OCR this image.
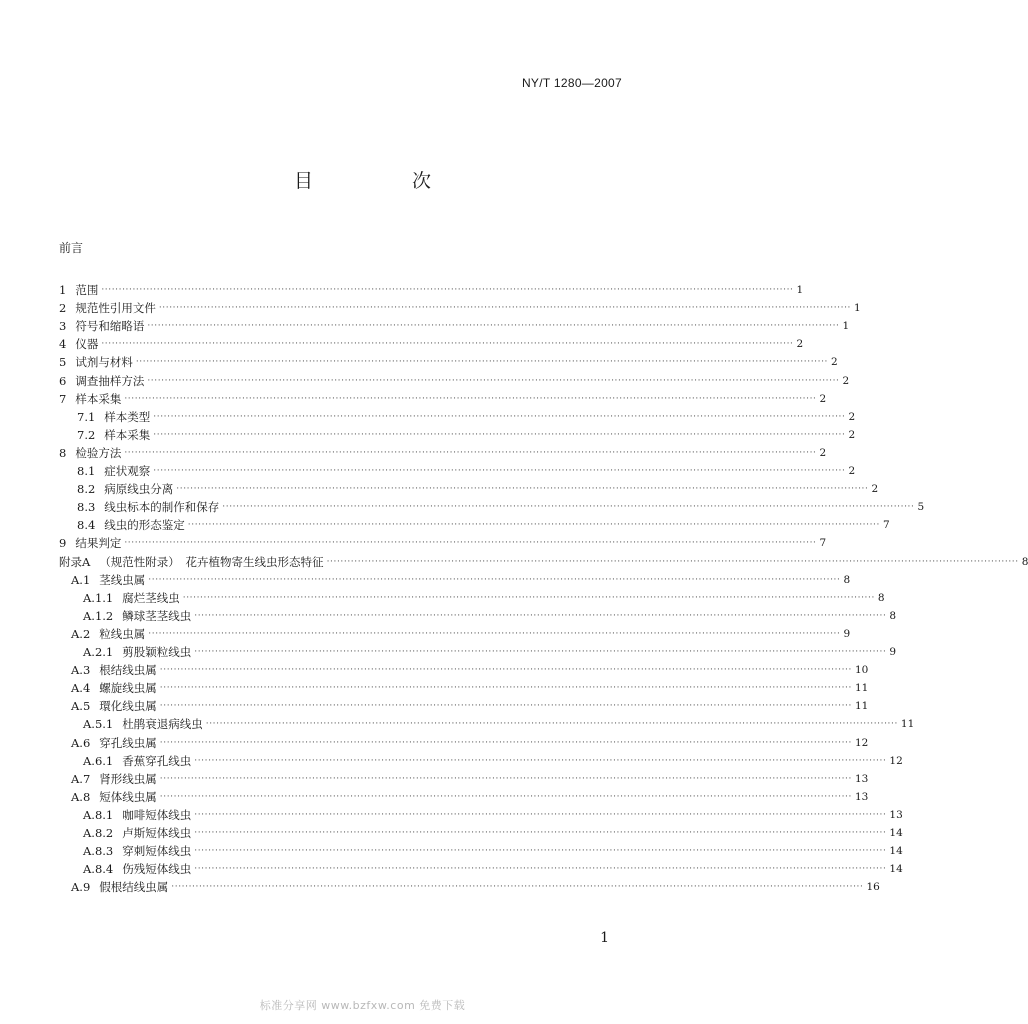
NY/T 1280—2007
目　次
前言
1 范围 ········································································································································································································ 1
2 规范性引用文件 ········································································································································································································ 1
3 符号和缩略语 ········································································································································································································ 1
4 仪器 ········································································································································································································ 2
5 试剂与材料 ········································································································································································································ 2
6 调查抽样方法 ········································································································································································································ 2
7 样本采集 ········································································································································································································ 2
7.1 样本类型 ········································································································································································································ 2
7.2 样本采集 ········································································································································································································ 2
8 检验方法 ········································································································································································································ 2
8.1 症状观察 ········································································································································································································ 2
8.2 病原线虫分离 ········································································································································································································ 2
8.3 线虫标本的制作和保存 ········································································································································································································ 5
8.4 线虫的形态鉴定 ········································································································································································································ 7
9 结果判定 ········································································································································································································ 7
附录A （规范性附录）　花卉植物寄生线虫形态特征 ········································································································································································································ 8
A.1 茎线虫属 ········································································································································································································ 8
A.1.1 腐烂茎线虫 ········································································································································································································ 8
A.1.2 鳞球茎茎线虫 ········································································································································································································ 8
A.2 粒线虫属 ········································································································································································································ 9
A.2.1 剪股颖粒线虫 ········································································································································································································ 9
A.3 根结线虫属 ········································································································································································································ 10
A.4 螺旋线虫属 ········································································································································································································ 11
A.5 環化线虫属 ········································································································································································································ 11
A.5.1 杜鹃衰退病线虫 ········································································································································································································ 11
A.6 穿孔线虫属 ········································································································································································································ 12
A.6.1 香蕉穿孔线虫 ········································································································································································································ 12
A.7 肾形线虫属 ········································································································································································································ 13
A.8 短体线虫属 ········································································································································································································ 13
A.8.1 咖啡短体线虫 ········································································································································································································ 13
A.8.2 卢斯短体线虫 ········································································································································································································ 14
A.8.3 穿刺短体线虫 ········································································································································································································ 14
A.8.4 伤残短体线虫 ········································································································································································································ 14
A.9 假根结线虫属 ········································································································································································································ 16
1
标准分享网 www.bzfxw.com 免费下载
